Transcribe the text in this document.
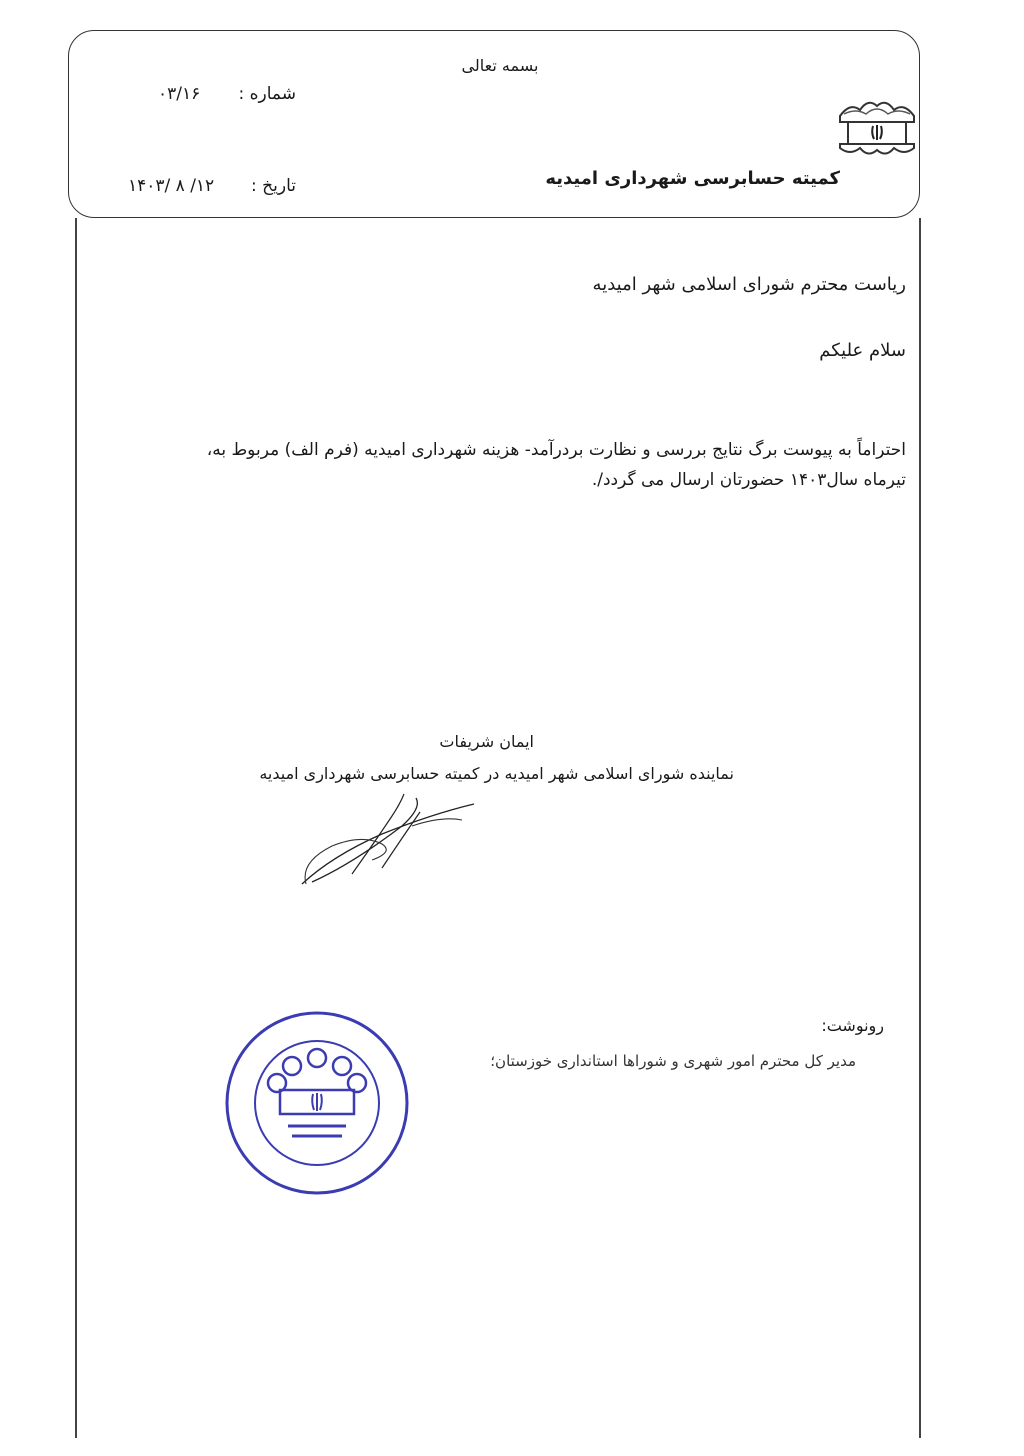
بسمه تعالی
شماره :
۰۳/۱۶
تاریخ :
۱۴۰۳/ ۸ /۱۲	کمیته حسابرسی شهرداری امیدیه
ریاست محترم شورای اسلامی شهر امیدیه
سلام علیکم
احتراماً به پیوست برگ نتایج بررسی و نظارت بردرآمد- هزینه شهرداری امیدیه (فرم الف) مربوط به،
تیرماه سال۱۴۰۳ حضورتان ارسال می گردد/.
ایمان شریفات
نماینده شورای اسلامی شهر امیدیه در کمیته حسابرسی شهرداری امیدیه
رونوشت:
مدیر کل محترم امور شهری و شوراها استانداری خوزستان؛
